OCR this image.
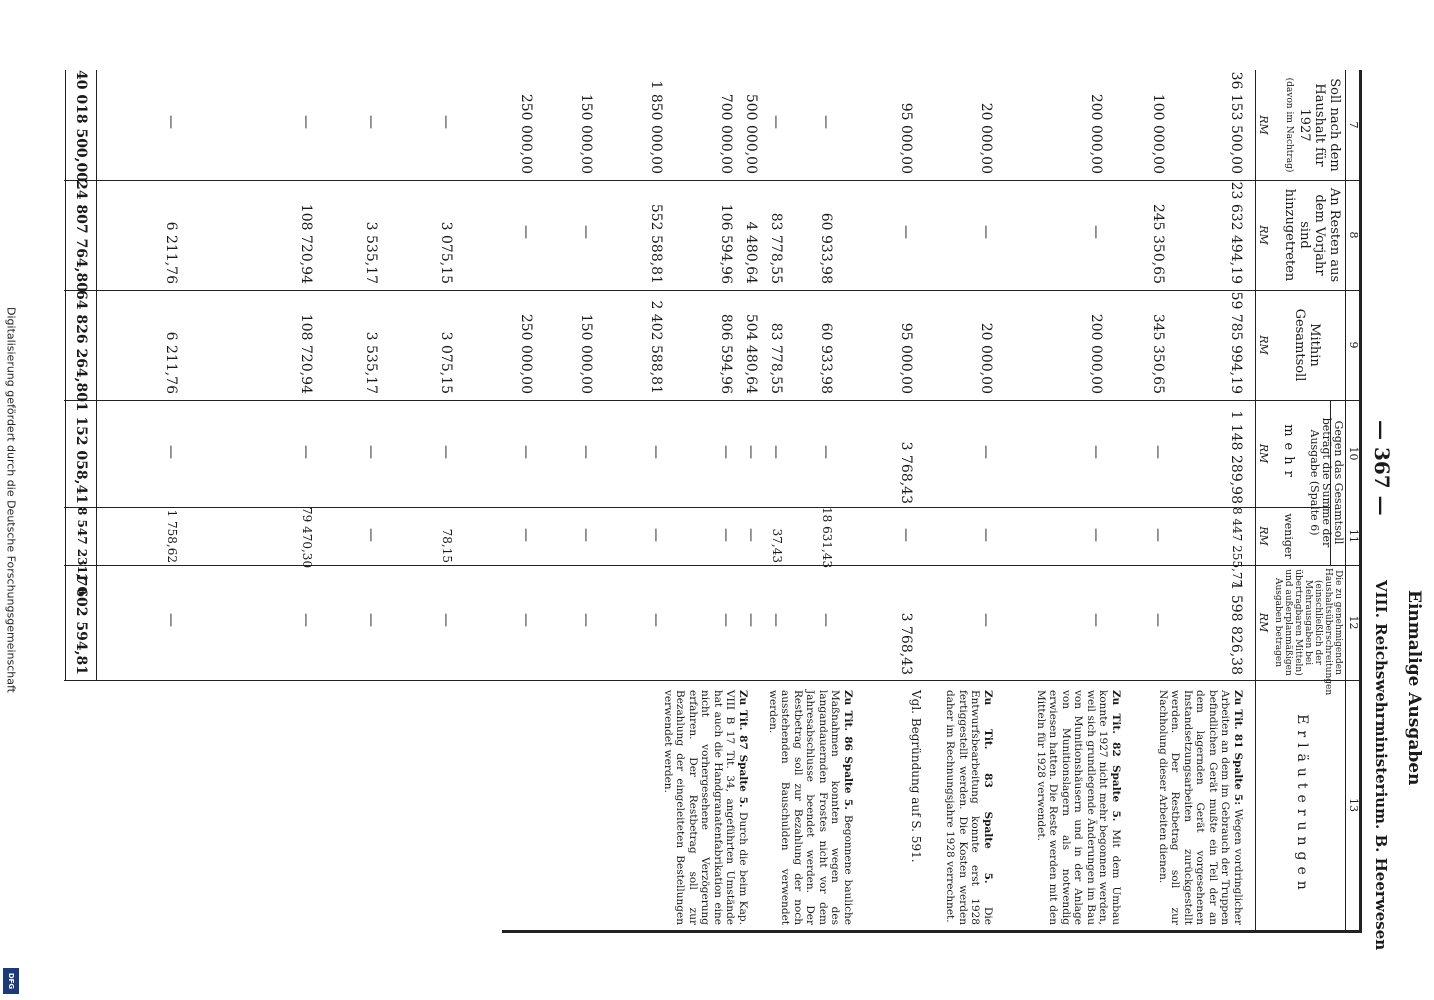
— 367 —
Einmalige Ausgaben
VIII. Reichswehrministerium. B. Heerwesen
7
8
9
10
11
12
13
Soll nach dem Haushalt für 1927
(davon im Nachtrag)
RM
An Resten aus dem Vorjahr sind hinzugetreten
RM
Mithin Gesamtsoll
RM
Gegen das Gesamtsoll beträgt die Summe der Ausgabe (Spalte 6)
mehr
RM
weniger
RM
Die zu genehmigenden Haushaltsüberschreitungen (einschließlich der Mehrausgaben bei übertragbaren Mitteln) und außerplanmäßigen Ausgaben betragen
RM
Erläuterungen
36 153 500,00
23 632 494,19
59 785 994,19
1 148 289,98
8 447 255,77
1 598 826,38
100 000,00
245 350,65
345 350,65
—
—
—
200 000,00
—
200 000,00
—
—
—
20 000,00
—
20 000,00
—
—
—
95 000,00
—
95 000,00
3 768,43
—
3 768,43
—
60 933,98
60 933,98
—
18 631,43
—
—
83 778,55
83 778,55
—
37,43
—
500 000,00
4 480,64
504 480,64
—
—
—
700 000,00
106 594,96
806 594,96
—
—
—
1 850 000,00
552 588,81
2 402 588,81
—
—
—
150 000,00
—
150 000,00
—
—
—
250 000,00
—
250 000,00
—
—
—
—
3 075,15
3 075,15
—
78,15
—
—
3 535,17
3 535,17
—
—
—
—
108 720,94
108 720,94
—
79 470,30
—
—
6 211,76
6 211,76
—
1 758,62
—
40 018 500,00
24 807 764,80
64 826 264,80
1 152 058,41
8 547 231,70
1 602 594,81
Zu Tit. 81 Spalte 5: Wegen vordringlicher Arbeiten an dem im Gebrauch der Truppen befindlichen Gerät mußte ein Teil der an dem lagernden Gerät vorgesehenen Instandsetzungsarbeiten zurückgestellt werden. Der Restbetrag soll zur Nachholung dieser Arbeiten dienen.
Zu Tit. 82 Spalte 5. Mit dem Umbau konnte 1927 nicht mehr begonnen werden, weil sich grundlegende Änderungen im Bau von Munitionshäusern und in der Anlage von Munitionslagern als notwendig erwiesen hatten. Die Reste werden mit den Mitteln für 1928 verwendet.
Zu Tit. 83 Spalte 5. Die Entwurfsbearbeitung konnte erst 1928 fertiggestellt werden. Die Kosten werden daher im Rechnungsjahre 1928 verrechnet.
Vgl. Begründung auf S. 591.
Zu Tit. 86 Spalte 5. Begonnene bauliche Maßnahmen konnten wegen des langandauernden Frostes nicht vor dem Jahresabschlusse beendet werden. Der Restbetrag soll zur Bezahlung der noch ausstehenden Bauschulden verwendet werden.
Zu Tit. 87 Spalte 5. Durch die beim Kap. VIII B 17 Tit. 34, angeführten Umstände hat auch die Handgranatenfabrikation eine nicht vorhergesehene Verzögerung erfahren. Der Restbetrag soll zur Bezahlung der eingeleiteten Bestellungen verwendet werden.
Digitalisierung gefördert durch die Deutsche Forschungsgemeinschaft
DFG
